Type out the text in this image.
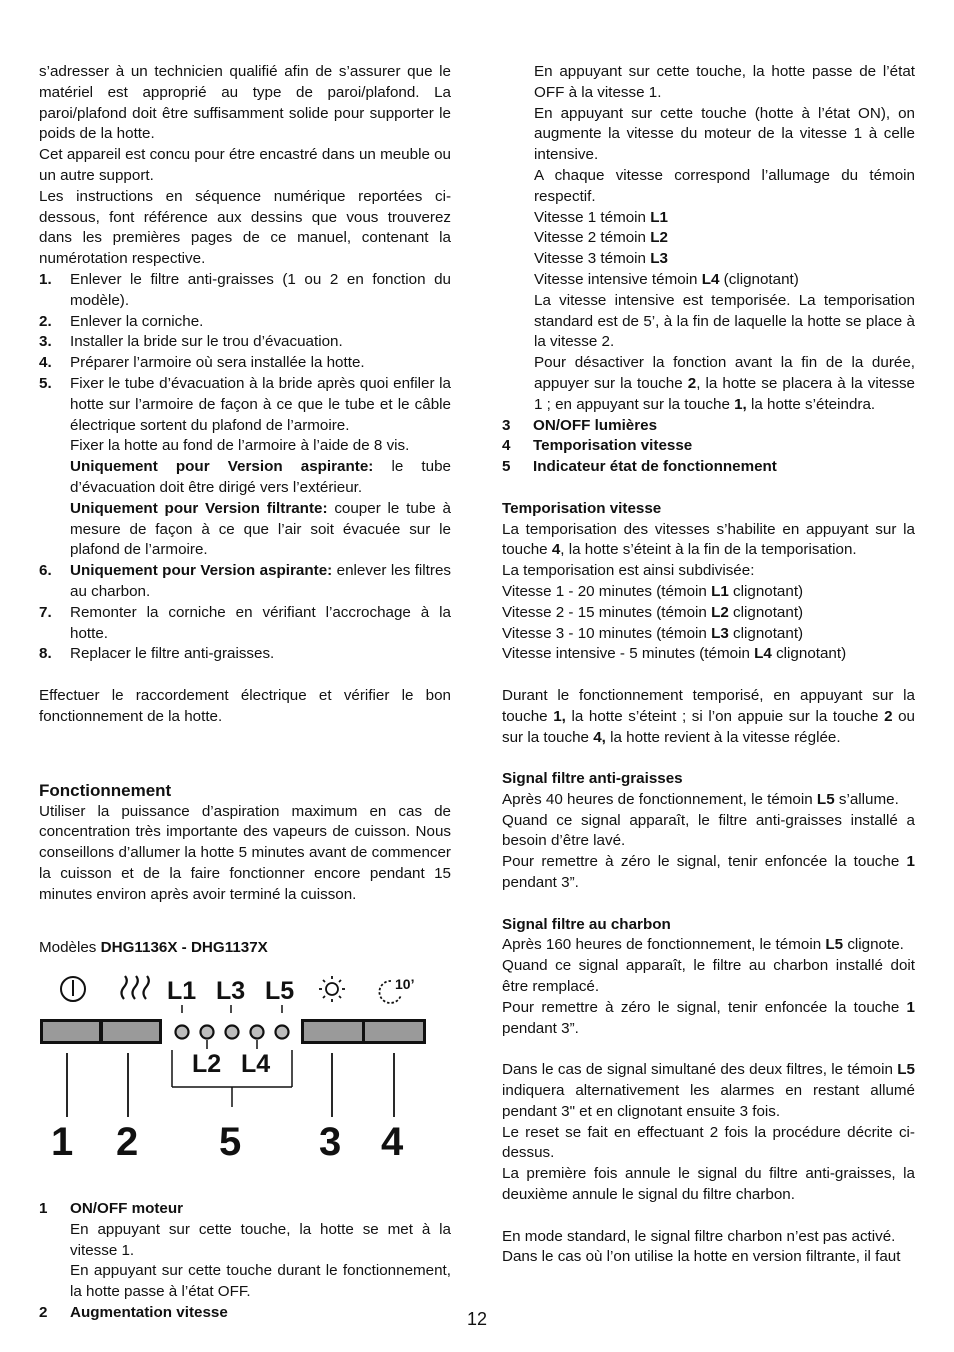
s’adresser à un technicien qualifié afin de s’assurer que le matériel est approprié au type de paroi/plafond. La paroi/plafond doit être suffisamment solide pour supporter le poids de la hotte.

Cet appareil est concu pour étre encastré dans un meuble ou un autre support.

Les instructions en séquence numérique reportées ci-dessous, font référence aux dessins que vous trouverez dans les premières pages de ce manuel, contenant la numérotation respective.

1. Enlever le filtre anti-graisses (1 ou 2 en fonction du modèle).

2. Enlever la corniche.

3. Installer la bride sur le trou d’évacuation.

4. Préparer l’armoire où sera installée la hotte.

5. Fixer le tube d’évacuation à la bride après quoi enfiler la hotte sur l’armoire de façon à ce que le tube et le câble électrique sortent du plafond de l’armoire.

Fixer la hotte au fond de l’armoire à l’aide de 8 vis.

Uniquement pour Version aspirante: le tube d’évacuation doit être dirigé vers l’extérieur.

Uniquement pour Version filtrante: couper le tube à mesure de façon à ce que l’air soit évacuée sur le plafond de l’armoire.

6. Uniquement pour Version aspirante: enlever les filtres au charbon.

7. Remonter la corniche en vérifiant l’accrochage à la hotte.

8. Replacer le filtre anti-graisses.

Effectuer le raccordement électrique et vérifier le bon fonctionnement de la hotte.

Fonctionnement

Utiliser la puissance d’aspiration maximum en cas de concentration très importante des vapeurs de cuisson. Nous conseillons d’allumer la hotte 5 minutes avant de commencer la cuisson et de la faire fonctionner encore pendant 15 minutes environ après avoir terminé la cuisson.

Modèles DHG1136X - DHG1137X

L1 L3 L5	10’
L2 L4
1 2 5 3 4
1 ON/OFF moteur

En appuyant sur cette touche, la hotte se met à la vitesse 1.

En appuyant sur cette touche durant le fonctionnement, la hotte passe à l’état OFF.

2 Augmentation vitesse

En appuyant sur cette touche, la hotte passe de l’état OFF à la vitesse 1.

En appuyant sur cette touche (hotte à l’état ON), on augmente la vitesse du moteur de la vitesse 1 à celle intensive.

A chaque vitesse correspond l’allumage du témoin respectif.

Vitesse 1 témoin L1

Vitesse 2 témoin L2

Vitesse 3 témoin L3

Vitesse intensive témoin L4 (clignotant)

La vitesse intensive est temporisée. La temporisation standard est de 5’, à la fin de laquelle la hotte se place à la vitesse 2.

Pour désactiver la fonction avant la fin de la durée, appuyer sur la touche 2, la hotte se placera à la vitesse 1 ; en appuyant sur la touche 1, la hotte s’éteindra.

3 ON/OFF lumières

4 Temporisation vitesse

5 Indicateur état de fonctionnement

Temporisation vitesse

La temporisation des vitesses s’habilite en appuyant sur la touche 4, la hotte s’éteint à la fin de la temporisation.

La temporisation est ainsi subdivisée:

Vitesse 1 - 20 minutes (témoin L1 clignotant)

Vitesse 2 - 15 minutes (témoin L2 clignotant)

Vitesse 3 - 10 minutes (témoin L3 clignotant)

Vitesse intensive - 5 minutes (témoin L4 clignotant)

Durant le fonctionnement temporisé, en appuyant sur la touche 1, la hotte s’éteint ; si l’on appuie sur la touche 2 ou sur la touche 4, la hotte revient à la vitesse réglée.

Signal filtre anti-graisses

Après 40 heures de fonctionnement, le témoin L5 s’allume.

Quand ce signal apparaît, le filtre anti-graisses installé a besoin d’être lavé.

Pour remettre à zéro le signal, tenir enfoncée la touche 1 pendant 3”.

Signal filtre au charbon

Après 160 heures de fonctionnement, le témoin L5 clignote.

Quand ce signal apparaît, le filtre au charbon installé doit être remplacé.

Pour remettre à zéro le signal, tenir enfoncée la touche 1 pendant 3”.

Dans le cas de signal simultané des deux filtres, le témoin L5 indiquera alternativement les alarmes en restant allumé pendant 3" et en clignotant ensuite 3 fois.

Le reset se fait en effectuant 2 fois la procédure décrite ci-dessus.

La première fois annule le signal du filtre anti-graisses, la deuxième annule le signal du filtre charbon.

En mode standard, le signal filtre charbon n’est pas activé.

Dans le cas où l’on utilise la hotte en version filtrante, il faut

12
